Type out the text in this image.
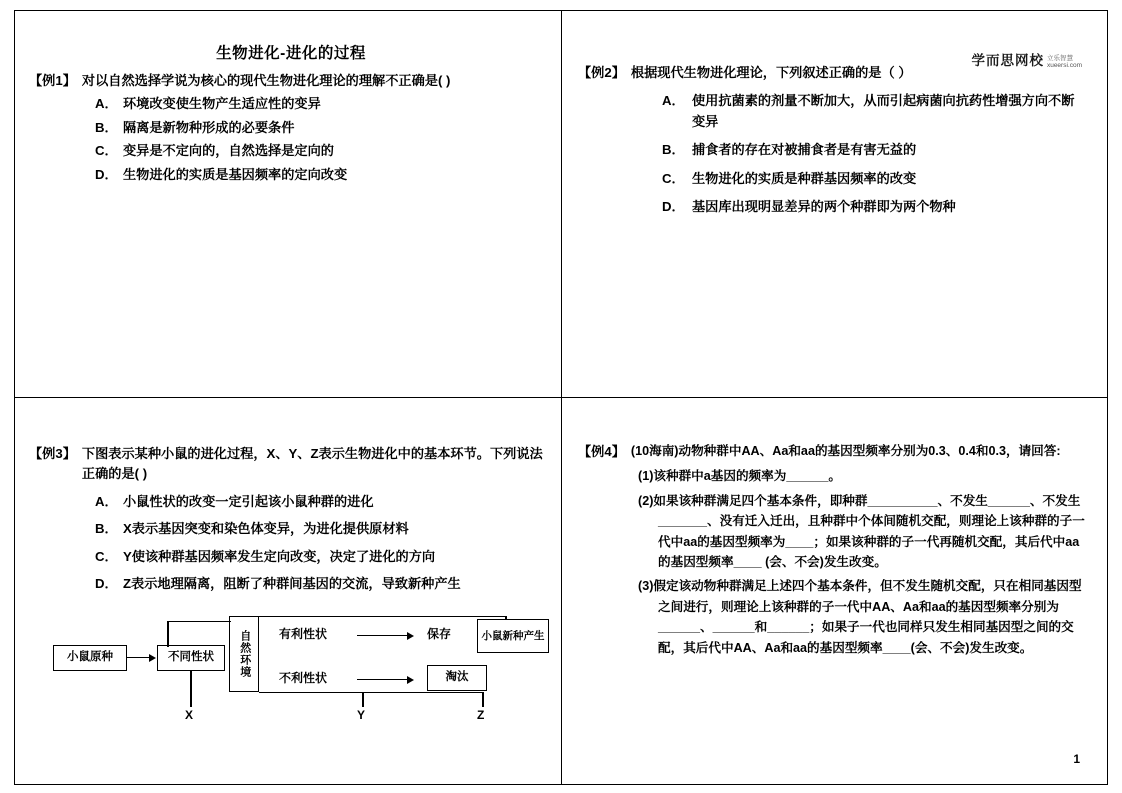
生物进化-进化的过程
【例1】 对以自然选择学说为核心的现代生物进化理论的理解不正确是( )
A． 环境改变使生物产生适应性的变异
B． 隔离是新物种形成的必要条件
C． 变异是不定向的，自然选择是定向的
D． 生物进化的实质是基因频率的定向改变
学而思网校 立乐智慧
xueersi.com
【例2】 根据现代生物进化理论，下列叙述正确的是（ ）
A． 使用抗菌素的剂量不断加大，从而引起病菌向抗药性增强方向不断变异
B． 捕食者的存在对被捕食者是有害无益的
C． 生物进化的实质是种群基因频率的改变
D． 基因库出现明显差异的两个种群即为两个物种
【例3】 下图表示某种小鼠的进化过程，X、Y、Z表示生物进化中的基本环节。下列说法正确的是( )
A． 小鼠性状的改变一定引起该小鼠种群的进化
B． X表示基因突变和染色体变异，为进化提供原材料
C． Y使该种群基因频率发生定向改变，决定了进化的方向
D． Z表示地理隔离，阻断了种群间基因的交流，导致新种产生
小鼠原种	不同性状
X
自然环境 有利性状	保存	小鼠新种产生
不利性状	淘汰
Y	Z
【例4】 (10海南)动物种群中AA、Aa和aa的基因型频率分别为0.3、0.4和0.3，请回答:
(1)该种群中a基因的频率为______。
(2)如果该种群满足四个基本条件，即种群__________、不发生______、不发生_______、没有迁入迁出，且种群中个体间随机交配，则理论上该种群的子一代中aa的基因型频率为____；如果该种群的子一代再随机交配，其后代中aa的基因型频率____ (会、不会)发生改变。
(3)假定该动物种群满足上述四个基本条件，但不发生随机交配，只在相同基因型之间进行，则理论上该种群的子一代中AA、Aa和aa的基因型频率分别为______、______和______；如果子一代也同样只发生相同基因型之间的交配，其后代中AA、Aa和aa的基因型频率____(会、不会)发生改变。
1
